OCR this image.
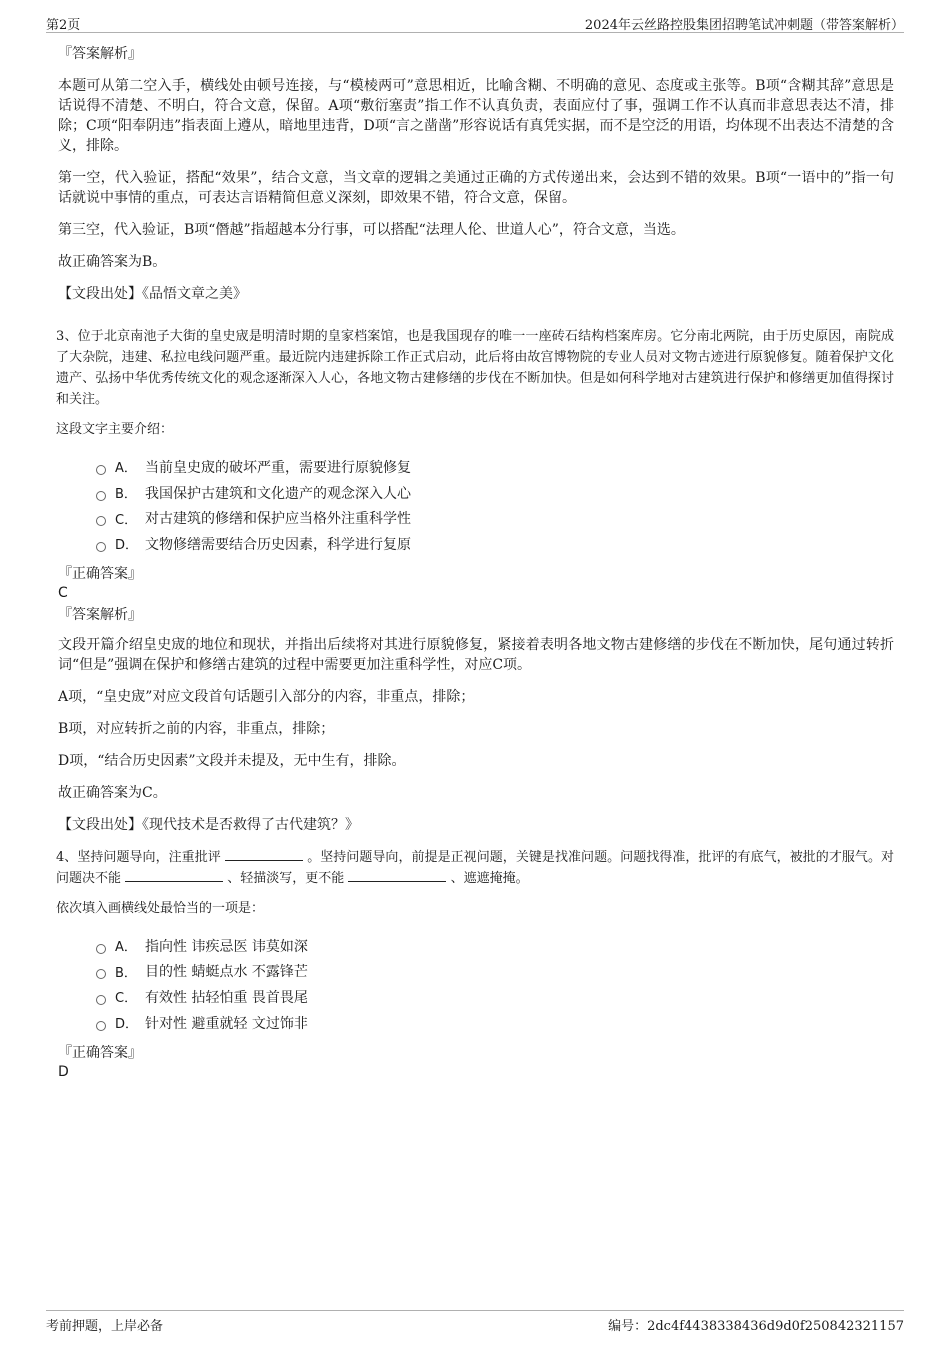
第2页	2024年云丝路控股集团招聘笔试冲刺题（带答案解析）
『答案解析』
本题可从第二空入手，横线处由顿号连接，与“模棱两可”意思相近，比喻含糊、不明确的意见、态度或主张等。B项“含糊其辞”意思是话说得不清楚、不明白，符合文意，保留。A项“敷衍塞责”指工作不认真负责，表面应付了事，强调工作不认真而非意思表达不清，排除；C项“阳奉阴违”指表面上遵从，暗地里违背，D项“言之凿凿”形容说话有真凭实据，而不是空泛的用语，均体现不出表达不清楚的含义，排除。
第一空，代入验证，搭配“效果”，结合文意，当文章的逻辑之美通过正确的方式传递出来，会达到不错的效果。B项“一语中的”指一句话就说中事情的重点，可表达言语精简但意义深刻，即效果不错，符合文意，保留。
第三空，代入验证，B项“僭越”指超越本分行事，可以搭配“法理人伦、世道人心”，符合文意，当选。
故正确答案为B。
【文段出处】《品悟文章之美》
3、位于北京南池子大街的皇史宬是明清时期的皇家档案馆，也是我国现存的唯一一座砖石结构档案库房。它分南北两院，由于历史原因，南院成了大杂院，违建、私拉电线问题严重。最近院内违建拆除工作正式启动，此后将由故宫博物院的专业人员对文物古迹进行原貌修复。随着保护文化遗产、弘扬中华优秀传统文化的观念逐渐深入人心，各地文物古建修缮的步伐在不断加快。但是如何科学地对古建筑进行保护和修缮更加值得探讨和关注。
这段文字主要介绍：
A． 当前皇史宬的破坏严重，需要进行原貌修复
B． 我国保护古建筑和文化遗产的观念深入人心
C． 对古建筑的修缮和保护应当格外注重科学性
D． 文物修缮需要结合历史因素，科学进行复原
『正确答案』
C
『答案解析』
文段开篇介绍皇史宬的地位和现状，并指出后续将对其进行原貌修复，紧接着表明各地文物古建修缮的步伐在不断加快，尾句通过转折词“但是”强调在保护和修缮古建筑的过程中需要更加注重科学性，对应C项。
A项，“皇史宬”对应文段首句话题引入部分的内容，非重点，排除；
B项，对应转折之前的内容，非重点，排除；
D项，“结合历史因素”文段并未提及，无中生有，排除。
故正确答案为C。
【文段出处】《现代技术是否救得了古代建筑？》
4、坚持问题导向，注重批评	。坚持问题导向，前提是正视问题，关键是找准问题。问题找得准，批评的有底气，被批的才服气。对问题决不能	、轻描淡写，更不能	、遮遮掩掩。
依次填入画横线处最恰当的一项是：
A． 指向性 讳疾忌医 讳莫如深
B． 目的性 蜻蜓点水 不露锋芒
C． 有效性 拈轻怕重 畏首畏尾
D． 针对性 避重就轻 文过饰非
『正确答案』
D
考前押题，上岸必备	编号：2dc4f4438338436d9d0f250842321157
